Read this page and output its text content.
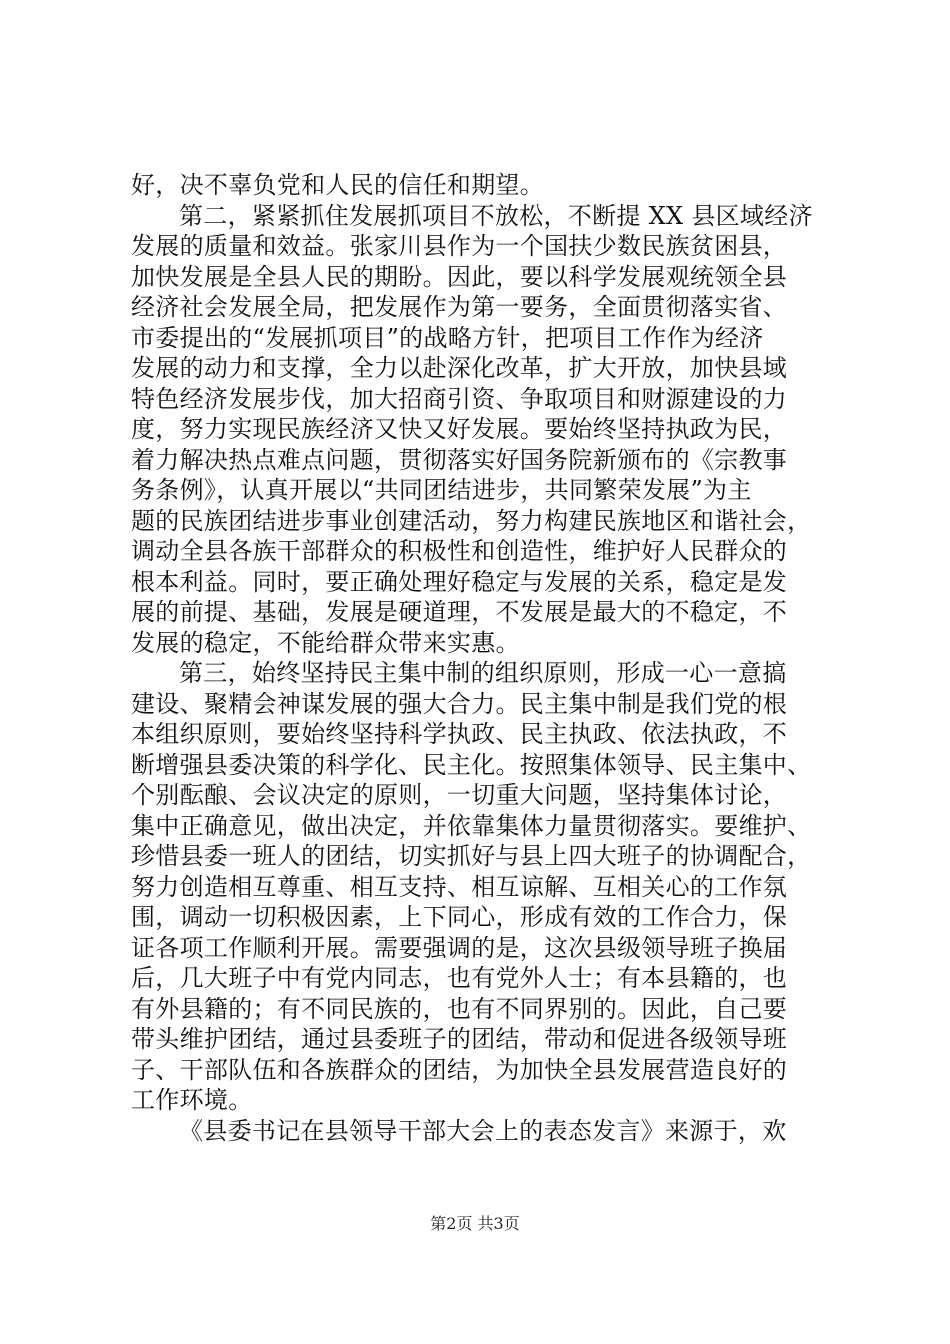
好，决不辜负党和人民的信任和期望。
第二，紧紧抓住发展抓项目不放松，不断提 XX 县区域经济
发展的质量和效益。张家川县作为一个国扶少数民族贫困县，
加快发展是全县人民的期盼。因此，要以科学发展观统领全县
经济社会发展全局，把发展作为第一要务，全面贯彻落实省、
市委提出的“发展抓项目”的战略方针，把项目工作作为经济
发展的动力和支撑，全力以赴深化改革，扩大开放，加快县域
特色经济发展步伐，加大招商引资、争取项目和财源建设的力
度，努力实现民族经济又快又好发展。要始终坚持执政为民，
着力解决热点难点问题，贯彻落实好国务院新颁布的《宗教事
务条例》，认真开展以“共同团结进步，共同繁荣发展”为主
题的民族团结进步事业创建活动，努力构建民族地区和谐社会，
调动全县各族干部群众的积极性和创造性，维护好人民群众的
根本利益。同时，要正确处理好稳定与发展的关系，稳定是发
展的前提、基础，发展是硬道理，不发展是最大的不稳定，不
发展的稳定，不能给群众带来实惠。
第三，始终坚持民主集中制的组织原则，形成一心一意搞
建设、聚精会神谋发展的强大合力。民主集中制是我们党的根
本组织原则，要始终坚持科学执政、民主执政、依法执政，不
断增强县委决策的科学化、民主化。按照集体领导、民主集中、
个别酝酿、会议决定的原则，一切重大问题，坚持集体讨论，
集中正确意见，做出决定，并依靠集体力量贯彻落实。要维护、
珍惜县委一班人的团结，切实抓好与县上四大班子的协调配合，
努力创造相互尊重、相互支持、相互谅解、互相关心的工作氛
围，调动一切积极因素，上下同心，形成有效的工作合力，保
证各项工作顺利开展。需要强调的是，这次县级领导班子换届
后，几大班子中有党内同志，也有党外人士；有本县籍的，也
有外县籍的；有不同民族的，也有不同界别的。因此，自己要
带头维护团结，通过县委班子的团结，带动和促进各级领导班
子、干部队伍和各族群众的团结，为加快全县发展营造良好的
工作环境。
《县委书记在县领导干部大会上的表态发言》来源于，欢
第2页 共3页
